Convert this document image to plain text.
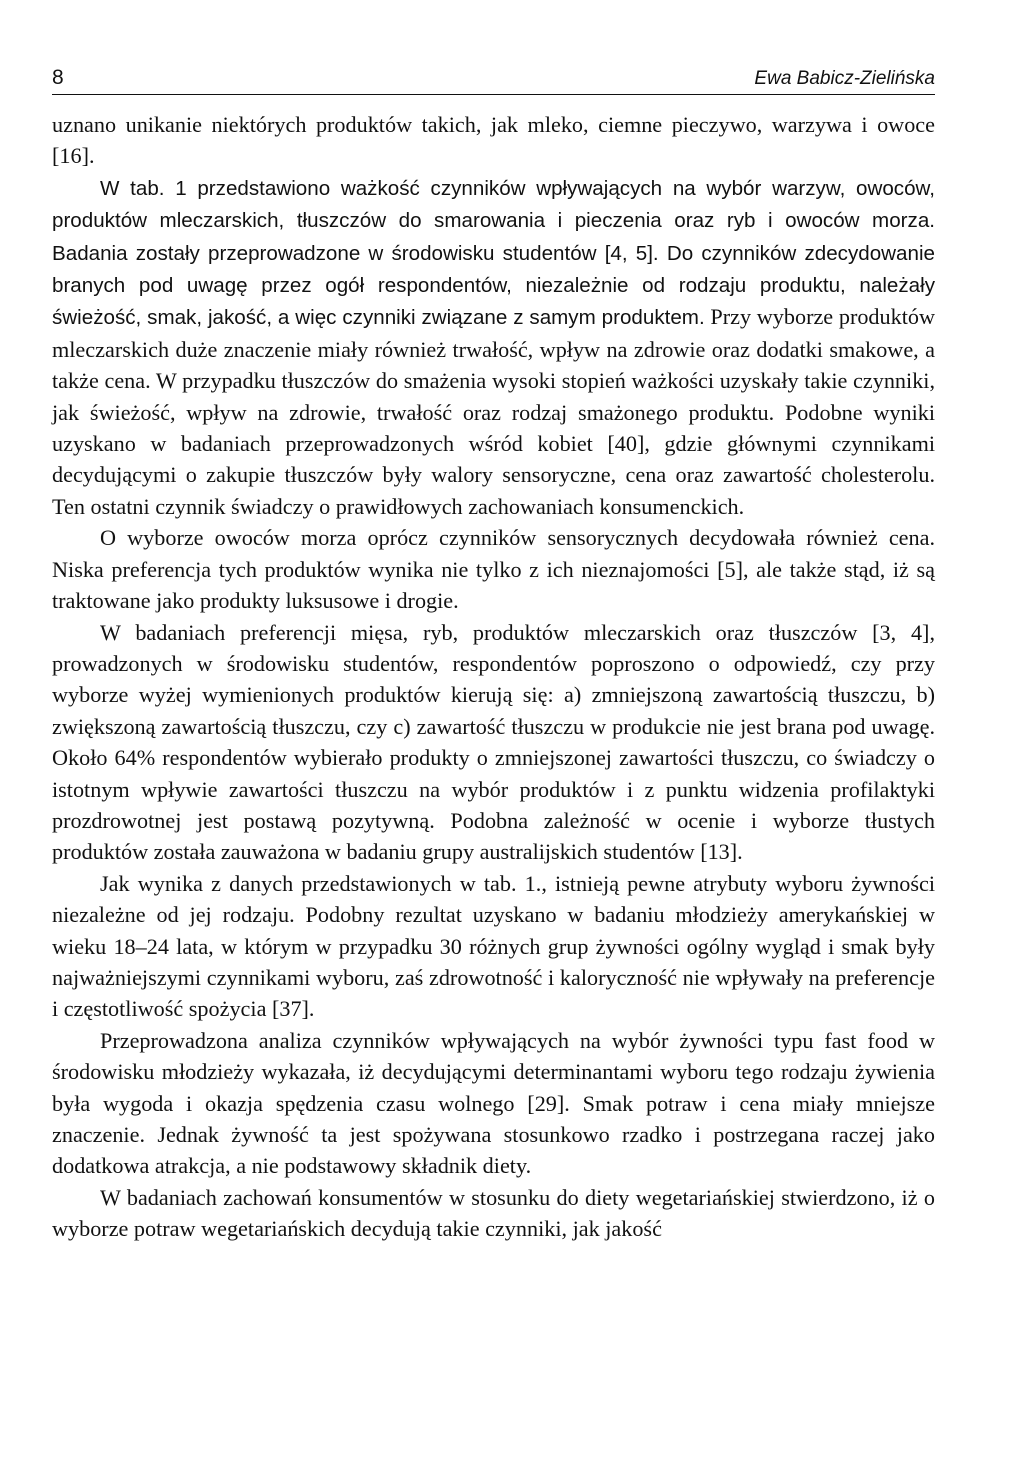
8	Ewa Babicz-Zielińska

uznano unikanie niektórych produktów takich, jak mleko, ciemne pieczywo, warzywa i owoce [16].

W tab. 1 przedstawiono ważkość czynników wpływających na wybór warzyw, owoców, produktów mleczarskich, tłuszczów do smarowania i pieczenia oraz ryb i owoców morza. Badania zostały przeprowadzone w środowisku studentów [4, 5]. Do czynników zdecydowanie branych pod uwagę przez ogół respondentów, niezależnie od rodzaju produktu, należały świeżość, smak, jakość, a więc czynniki związane z samym produktem. Przy wyborze produktów mleczarskich duże znaczenie miały również trwałość, wpływ na zdrowie oraz dodatki smakowe, a także cena. W przypadku tłuszczów do smażenia wysoki stopień ważkości uzyskały takie czynniki, jak świeżość, wpływ na zdrowie, trwałość oraz rodzaj smażonego produktu. Podobne wyniki uzyskano w badaniach przeprowadzonych wśród kobiet [40], gdzie głównymi czynnikami decydującymi o zakupie tłuszczów były walory sensoryczne, cena oraz zawartość cholesterolu. Ten ostatni czynnik świadczy o prawidłowych zachowaniach konsumenckich.

O wyborze owoców morza oprócz czynników sensorycznych decydowała również cena. Niska preferencja tych produktów wynika nie tylko z ich nieznajomości [5], ale także stąd, iż są traktowane jako produkty luksusowe i drogie.

W badaniach preferencji mięsa, ryb, produktów mleczarskich oraz tłuszczów [3, 4], prowadzonych w środowisku studentów, respondentów poproszono o odpowiedź, czy przy wyborze wyżej wymienionych produktów kierują się: a) zmniejszoną zawartością tłuszczu, b) zwiększoną zawartością tłuszczu, czy c) zawartość tłuszczu w produkcie nie jest brana pod uwagę. Około 64% respondentów wybierało produkty o zmniejszonej zawartości tłuszczu, co świadczy o istotnym wpływie zawartości tłuszczu na wybór produktów i z punktu widzenia profilaktyki prozdrowotnej jest postawą pozytywną. Podobna zależność w ocenie i wyborze tłustych produktów została zauważona w badaniu grupy australijskich studentów [13].

Jak wynika z danych przedstawionych w tab. 1., istnieją pewne atrybuty wyboru żywności niezależne od jej rodzaju. Podobny rezultat uzyskano w badaniu młodzieży amerykańskiej w wieku 18–24 lata, w którym w przypadku 30 różnych grup żywności ogólny wygląd i smak były najważniejszymi czynnikami wyboru, zaś zdrowotność i kaloryczność nie wpływały na preferencje i częstotliwość spożycia [37].

Przeprowadzona analiza czynników wpływających na wybór żywności typu fast food w środowisku młodzieży wykazała, iż decydującymi determinantami wyboru tego rodzaju żywienia była wygoda i okazja spędzenia czasu wolnego [29]. Smak potraw i cena miały mniejsze znaczenie. Jednak żywność ta jest spożywana stosunkowo rzadko i postrzegana raczej jako dodatkowa atrakcja, a nie podstawowy składnik diety.

W badaniach zachowań konsumentów w stosunku do diety wegetariańskiej stwierdzono, iż o wyborze potraw wegetariańskich decydują takie czynniki, jak jakość
